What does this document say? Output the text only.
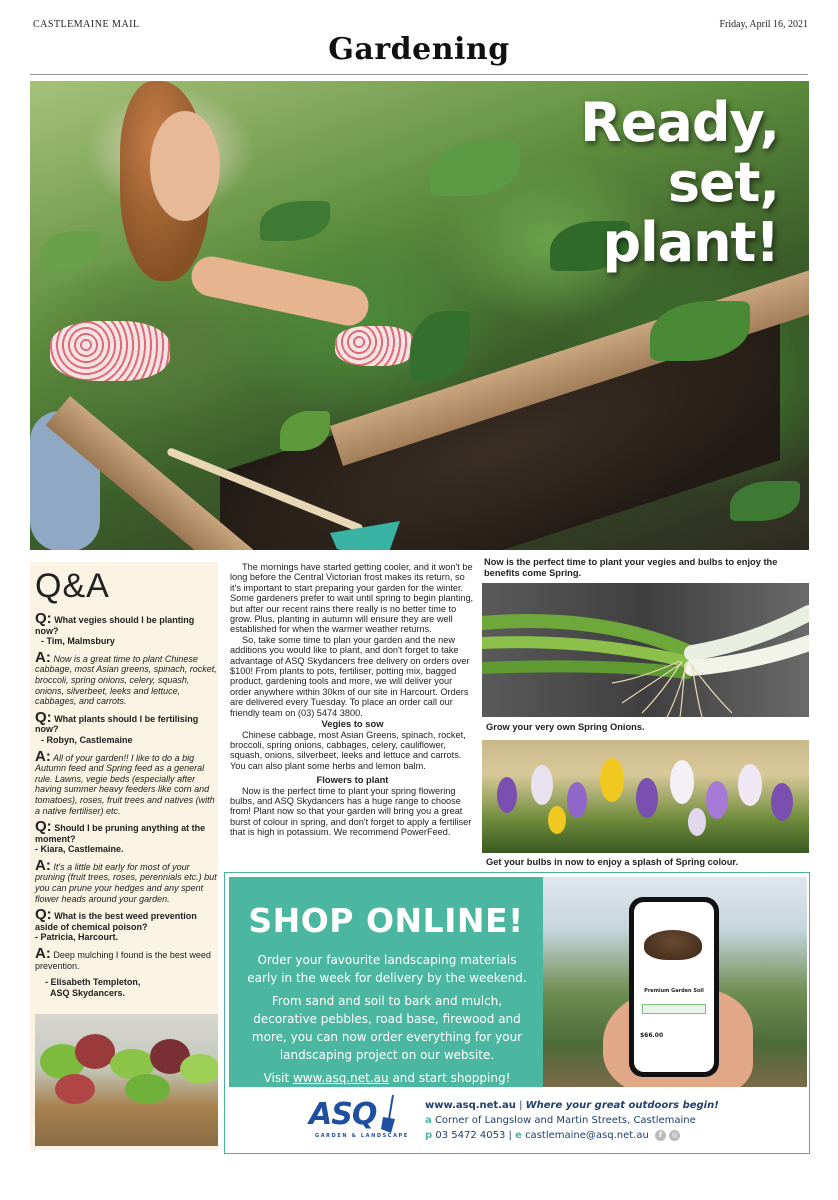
CASTLEMAINE MAIL	Friday, April 16, 2021
Gardening
Ready, set, plant!
Q&A
Q: What vegies should I be planting now?
- Tim, Malmsbury
A: Now is a great time to plant Chinese cabbage, most Asian greens, spinach, rocket, broccoli, spring onions, celery, squash, onions, silverbeet, leeks and lettuce, cabbages, and carrots.
Q: What plants should I be fertilising now?
- Robyn, Castlemaine
A: All of your garden!! I like to do a big Autumn feed and Spring feed as a general rule. Lawns, vegie beds (especially after having summer heavy feeders like corn and tomatoes), roses, fruit trees and natives (with a native fertiliser) etc.
Q: Should I be pruning anything at the moment?
- Kiara, Castlemaine.
A: It's a little bit early for most of your pruning (fruit trees, roses, perennials etc.) but you can prune your hedges and any spent flower heads around your garden.
Q: What is the best weed prevention aside of chemical poison?
- Patricia, Harcourt.
A: Deep mulching I found is the best weed prevention.
- Elisabeth Templeton,
ASQ Skydancers.

The mornings have started getting cooler, and it won't be long before the Central Victorian frost makes its return, so it's important to start preparing your garden for the winter. Some gardeners prefer to wait until spring to begin planting, but after our recent rains there really is no better time to grow. Plus, planting in autumn will ensure they are well established for when the warmer weather returns.

So, take some time to plan your garden and the new additions you would like to plant, and don't forget to take advantage of ASQ Skydancers free delivery on orders over $100! From plants to pots, fertiliser, potting mix, bagged product, gardening tools and more, we will deliver your order anywhere within 30km of our site in Harcourt. Orders are delivered every Tuesday. To place an order call our friendly team on (03) 5474 3800.

Vegies to sow

Chinese cabbage, most Asian Greens, spinach, rocket, broccoli, spring onions, cabbages, celery, cauliflower, squash, onions, silverbeet, leeks and lettuce and carrots. You can also plant some herbs and lemon balm.

Flowers to plant

Now is the perfect time to plant your spring flowering bulbs, and ASQ Skydancers has a huge range to choose from! Plant now so that your garden will bring you a great burst of colour in spring, and don't forget to apply a fertiliser that is high in potassium. We recommend PowerFeed.

Now is the perfect time to plant your vegies and bulbs to enjoy the benefits come Spring.
Grow your very own Spring Onions.
Get your bulbs in now to enjoy a splash of Spring colour.
SHOP ONLINE!

Order your favourite landscaping materials early in the week for delivery by the weekend.

From sand and soil to bark and mulch, decorative pebbles, road base, firewood and more, you can now order everything for your landscaping project on our website.

Visit www.asq.net.au and start shopping!

Premium Garden Soil
$66.00
ASQ
GARDEN & LANDSCAPE
www.asq.net.au | Where your great outdoors begin!
a Corner of Langslow and Martin Streets, Castlemaine
p 03 5472 4053 | e castlemaine@asq.net.au f ◎
